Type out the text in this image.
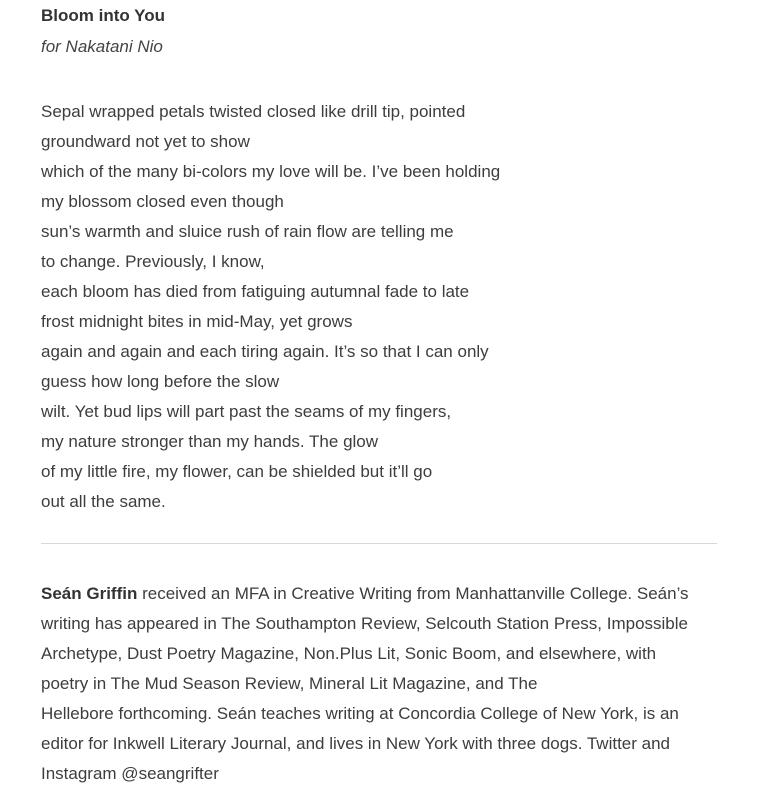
Bloom into You

for Nakatani Nio

Sepal wrapped petals twisted closed like drill tip, pointed
groundward not yet to show
which of the many bi-colors my love will be. I’ve been holding
my blossom closed even though
sun’s warmth and sluice rush of rain flow are telling me
to change. Previously, I know,
each bloom has died from fatiguing autumnal fade to late
frost midnight bites in mid-May, yet grows
again and again and each tiring again. It’s so that I can only
guess how long before the slow
wilt. Yet bud lips will part past the seams of my fingers,
my nature stronger than my hands. The glow
of my little fire, my flower, can be shielded but it’ll go
out all the same.
Seán Griffin received an MFA in Creative Writing from Manhattanville College. Seán’s
writing has appeared in The Southampton Review, Selcouth Station Press, Impossible
Archetype, Dust Poetry Magazine, Non.Plus Lit, Sonic Boom, and elsewhere, with
poetry in The Mud Season Review, Mineral Lit Magazine, and The
Hellebore forthcoming. Seán teaches writing at Concordia College of New York, is an
editor for Inkwell Literary Journal, and lives in New York with three dogs. Twitter and
Instagram @seangrifter
